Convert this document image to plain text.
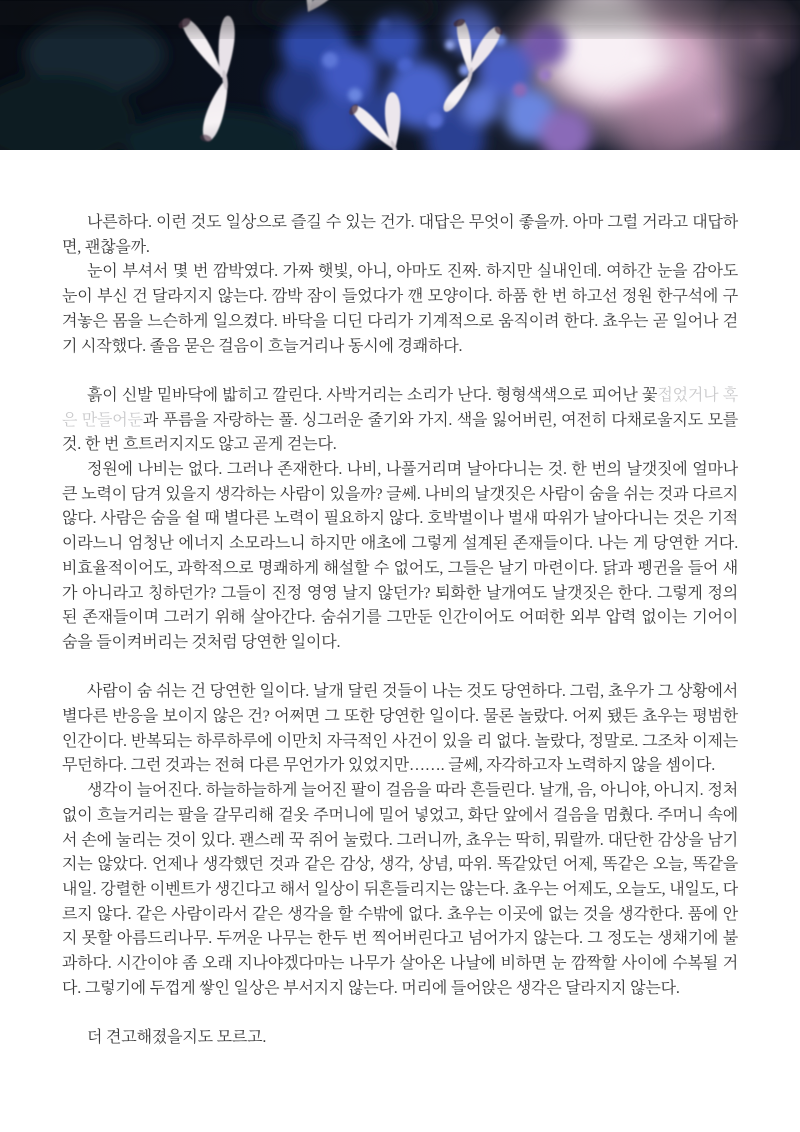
나른하다. 이런 것도 일상으로 즐길 수 있는 건가. 대답은 무엇이 좋을까. 아마 그럴 거라고 대답하면, 괜찮을까.

눈이 부셔서 몇 번 깜박였다. 가짜 햇빛, 아니, 아마도 진짜. 하지만 실내인데. 여하간 눈을 감아도 눈이 부신 건 달라지지 않는다. 깜박 잠이 들었다가 깬 모양이다. 하품 한 번 하고선 정원 한구석에 구겨놓은 몸을 느슨하게 일으켰다. 바닥을 디딘 다리가 기계적으로 움직이려 한다. 쵸우는 곧 일어나 걷기 시작했다. 졸음 묻은 걸음이 흐늘거리나 동시에 경쾌하다.

흙이 신발 밑바닥에 밟히고 깔린다. 사박거리는 소리가 난다. 형형색색으로 피어난 꽃접었거나 혹은 만들어둔과 푸름을 자랑하는 풀. 싱그러운 줄기와 가지. 색을 잃어버린, 여전히 다채로울지도 모를 것. 한 번 흐트러지지도 않고 곧게 걷는다.

정원에 나비는 없다. 그러나 존재한다. 나비, 나풀거리며 날아다니는 것. 한 번의 날갯짓에 얼마나 큰 노력이 담겨 있을지 생각하는 사람이 있을까? 글쎄. 나비의 날갯짓은 사람이 숨을 쉬는 것과 다르지 않다. 사람은 숨을 쉴 때 별다른 노력이 필요하지 않다. 호박벌이나 벌새 따위가 날아다니는 것은 기적이라느니 엄청난 에너지 소모라느니 하지만 애초에 그렇게 설계된 존재들이다. 나는 게 당연한 거다. 비효율적이어도, 과학적으로 명쾌하게 해설할 수 없어도, 그들은 날기 마련이다. 닭과 펭귄을 들어 새가 아니라고 칭하던가? 그들이 진정 영영 날지 않던가? 퇴화한 날개여도 날갯짓은 한다. 그렇게 정의된 존재들이며 그러기 위해 살아간다. 숨쉬기를 그만둔 인간이어도 어떠한 외부 압력 없이는 기어이 숨을 들이켜버리는 것처럼 당연한 일이다.

사람이 숨 쉬는 건 당연한 일이다. 날개 달린 것들이 나는 것도 당연하다. 그럼, 쵸우가 그 상황에서 별다른 반응을 보이지 않은 건? 어쩌면 그 또한 당연한 일이다. 물론 놀랐다. 어찌 됐든 쵸우는 평범한 인간이다. 반복되는 하루하루에 이만치 자극적인 사건이 있을 리 없다. 놀랐다, 정말로. 그조차 이제는 무던하다. 그런 것과는 전혀 다른 무언가가 있었지만……. 글쎄, 자각하고자 노력하지 않을 셈이다.

생각이 늘어진다. 하늘하늘하게 늘어진 팔이 걸음을 따라 흔들린다. 날개, 음, 아니야, 아니지. 정처 없이 흐늘거리는 팔을 갈무리해 겉옷 주머니에 밀어 넣었고, 화단 앞에서 걸음을 멈췄다. 주머니 속에서 손에 눌리는 것이 있다. 괜스레 꾹 쥐어 눌렀다. 그러니까, 쵸우는 딱히, 뭐랄까. 대단한 감상을 남기지는 않았다. 언제나 생각했던 것과 같은 감상, 생각, 상념, 따위. 똑같았던 어제, 똑같은 오늘, 똑같을 내일. 강렬한 이벤트가 생긴다고 해서 일상이 뒤흔들리지는 않는다. 쵸우는 어제도, 오늘도, 내일도, 다르지 않다. 같은 사람이라서 같은 생각을 할 수밖에 없다. 쵸우는 이곳에 없는 것을 생각한다. 품에 안지 못할 아름드리나무. 두꺼운 나무는 한두 번 찍어버린다고 넘어가지 않는다. 그 정도는 생채기에 불과하다. 시간이야 좀 오래 지나야겠다마는 나무가 살아온 나날에 비하면 눈 깜짝할 사이에 수복될 거다. 그렇기에 두껍게 쌓인 일상은 부서지지 않는다. 머리에 들어앉은 생각은 달라지지 않는다.

더 견고해졌을지도 모르고.
